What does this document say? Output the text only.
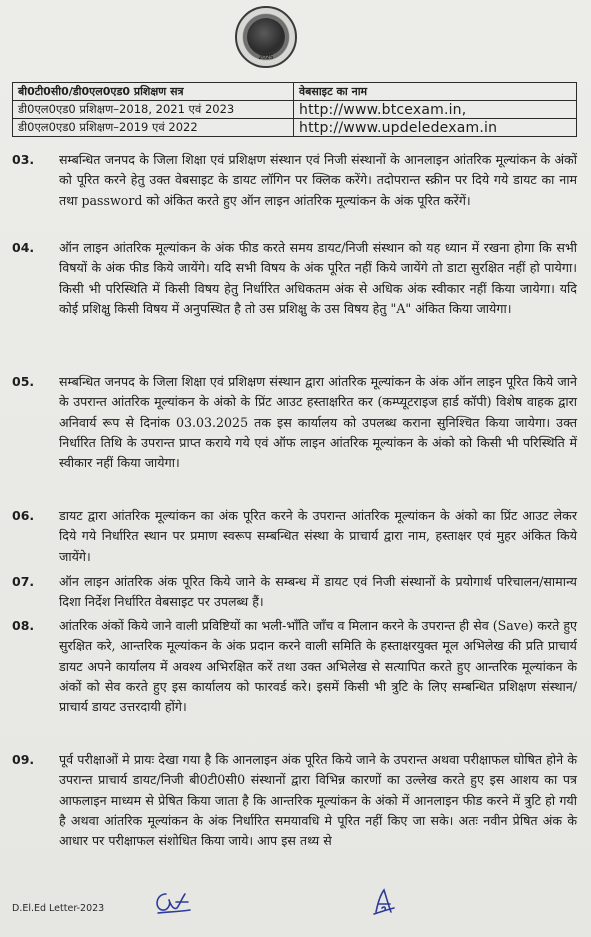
2025
बी0टी0सी0/डी0एल0एड0 प्रशिक्षण सत्र	वेबसाइट का नाम
डी0एल0एड0 प्रशिक्षण–2018, 2021 एवं 2023	http://www.btcexam.in,
डी0एल0एड0 प्रशिक्षण–2019 एवं 2022	http://www.updeledexam.in
03.	सम्बन्धित जनपद के जिला शिक्षा एवं प्रशिक्षण संस्थान एवं निजी संस्थानों के आनलाइन आंतरिक मूल्यांकन के अंकों को पूरित करने हेतु उक्त वेबसाइट के डायट लॉगिन पर क्लिक करेंगे। तदोपरान्त स्क्रीन पर दिये गये डायट का नाम तथा password को अंकित करते हुए ऑन लाइन आंतरिक मूल्यांकन के अंक पूरित करेंगें।
04.	ऑन लाइन आंतरिक मूल्यांकन के अंक फीड करते समय डायट/निजी संस्थान को यह ध्यान में रखना होगा कि सभी विषयों के अंक फीड किये जायेंगे। यदि सभी विषय के अंक पूरित नहीं किये जायेंगे तो डाटा सुरक्षित नहीं हो पायेगा। किसी भी परिस्थिति में किसी विषय हेतु निर्धारित अधिकतम अंक से अधिक अंक स्वीकार नहीं किया जायेगा। यदि कोई प्रशिक्षु किसी विषय में अनुपस्थित है तो उस प्रशिक्षु के उस विषय हेतु "A" अंकित किया जायेगा।
05.	सम्बन्धित जनपद के जिला शिक्षा एवं प्रशिक्षण संस्थान द्वारा आंतरिक मूल्यांकन के अंक ऑन लाइन पूरित किये जाने के उपरान्त आंतरिक मूल्यांकन के अंको के प्रिंट आउट हस्ताक्षरित कर (कम्प्यूटराइज हार्ड कॉपी) विशेष वाहक द्वारा अनिवार्य रूप से दिनांक 03.03.2025 तक इस कार्यालय को उपलब्ध कराना सुनिश्चित किया जायेगा। उक्त निर्धारित तिथि के उपरान्त प्राप्त कराये गये एवं ऑफ लाइन आंतरिक मूल्यांकन के अंको को किसी भी परिस्थिति में स्वीकार नहीं किया जायेगा।
06.	डायट द्वारा आंतरिक मूल्यांकन का अंक पूरित करने के उपरान्त आंतरिक मूल्यांकन के अंको का प्रिंट आउट लेकर दिये गये निर्धारित स्थान पर प्रमाण स्वरूप सम्बन्धित संस्था के प्राचार्य द्वारा नाम, हस्ताक्षर एवं मुहर अंकित किये जायेंगे।
07.	ऑन लाइन आंतरिक अंक पूरित किये जाने के सम्बन्ध में डायट एवं निजी संस्थानों के प्रयोगार्थ परिचालन/सामान्य दिशा निर्देश निर्धारित वेबसाइट पर उपलब्ध हैं।
08.	आंतरिक अंकों किये जाने वाली प्रविष्टियों का भली-भाँति जाँच व मिलान करने के उपरान्त ही सेव (Save) करते हुए सुरक्षित करे, आन्तरिक मूल्यांकन के अंक प्रदान करने वाली समिति के हस्ताक्षरयुक्त मूल अभिलेख की प्रति प्राचार्य डायट अपने कार्यालय में अवश्य अभिरक्षित करें तथा उक्त अभिलेख से सत्यापित करते हुए आन्तरिक मूल्यांकन के अंकों को सेव करते हुए इस कार्यालय को फारवर्ड करे। इसमें किसी भी त्रुटि के लिए सम्बन्धित प्रशिक्षण संस्थान/प्राचार्य डायट उत्तरदायी होंगे।
09.	पूर्व परीक्षाओं मे प्रायः देखा गया है कि आनलाइन अंक पूरित किये जाने के उपरान्त अथवा परीक्षाफल घोषित होने के उपरान्त प्राचार्य डायट/निजी बी0टी0सी0 संस्थानों द्वारा विभिन्न कारणों का उल्लेख करते हुए इस आशय का पत्र आफलाइन माध्यम से प्रेषित किया जाता है कि आन्तरिक मूल्यांकन के अंको में आनलाइन फीड करने में त्रुटि हो गयी है अथवा आंतरिक मूल्यांकन के अंक निर्धारित समयावधि मे पूरित नहीं किए जा सके। अतः नवीन प्रेषित अंक के आधार पर परीक्षाफल संशोधित किया जाये। आप इस तथ्य से
D.El.Ed Letter-2023
